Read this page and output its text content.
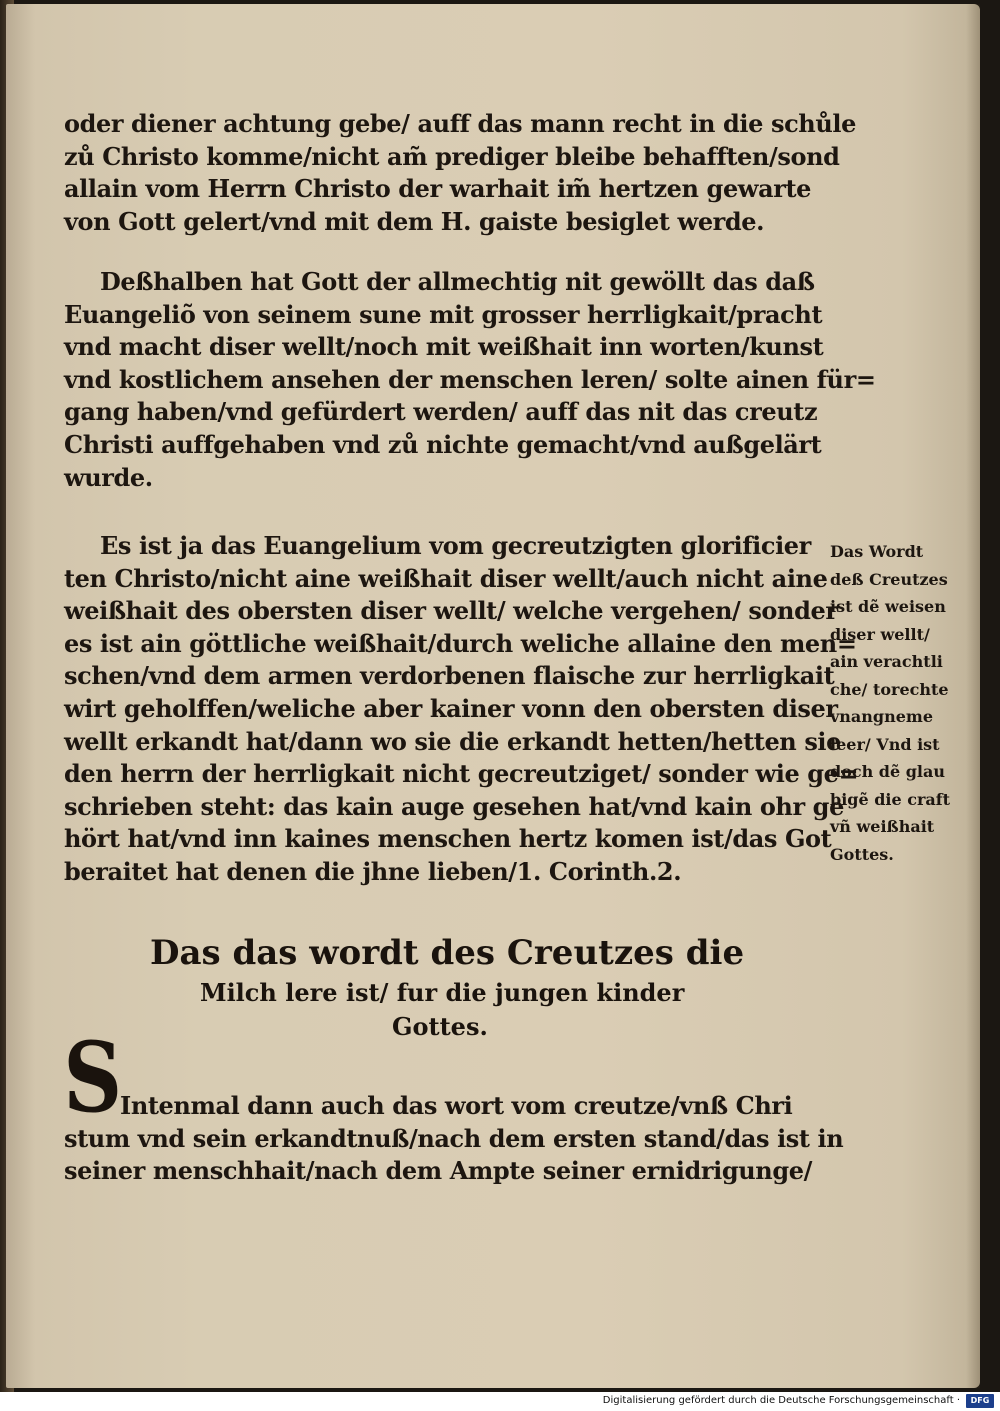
oder diener achtung gebe/ auff das mann recht in die schůle
zů Christo komme/nicht am̃ prediger bleibe behafften/sond
allain vom Herrn Christo der warhait im̃ hertzen gewarte
von Gott gelert/vnd mit dem H. gaiste besiglet werde.
Deßhalben hat Gott der allmechtig nit gewöllt das daß
Euangeliõ von seinem sune mit grosser herrligkait/pracht
vnd macht diser wellt/noch mit weißhait inn worten/kunst
vnd kostlichem ansehen der menschen leren/ solte ainen für=
gang haben/vnd gefürdert werden/ auff das nit das creutz
Christi auffgehaben vnd zů nichte gemacht/vnd außgelärt
wurde.
Es ist ja das Euangelium vom gecreutzigten glorificier
ten Christo/nicht aine weißhait diser wellt/auch nicht aine
weißhait des obersten diser wellt/ welche vergehen/ sonder
es ist ain göttliche weißhait/durch weliche allaine den men=
schen/vnd dem armen verdorbenen flaische zur herrligkait
wirt geholffen/weliche aber kainer vonn den obersten diser
wellt erkandt hat/dann wo sie die erkandt hetten/hetten sie
den herrn der herrligkait nicht gecreutziget/ sonder wie ge=
schrieben steht: das kain auge gesehen hat/vnd kain ohr ge
hört hat/vnd inn kaines menschen hertz komen ist/das Got
beraitet hat denen die jhne lieben/1. Corinth.2.
Das Wordt
deß Creutzes
ist dẽ weisen
diser wellt/
ain verachtli
che/ torechte
vnangneme
leer/ Vnd ist
doch dẽ glau
bigẽ die craft
vñ weißhait
Gottes.
Das das wordt des Creutzes die
Milch lere ist/ fur die jungen kinder
Gottes.
S
Intenmal dann auch das wort vom creutze/vnß Chri
stum vnd sein erkandtnuß/nach dem ersten stand/das ist in
seiner menschhait/nach dem Ampte seiner ernidrigunge/
Digitalisierung gefördert durch die Deutsche Forschungsgemeinschaft ·	DFG
